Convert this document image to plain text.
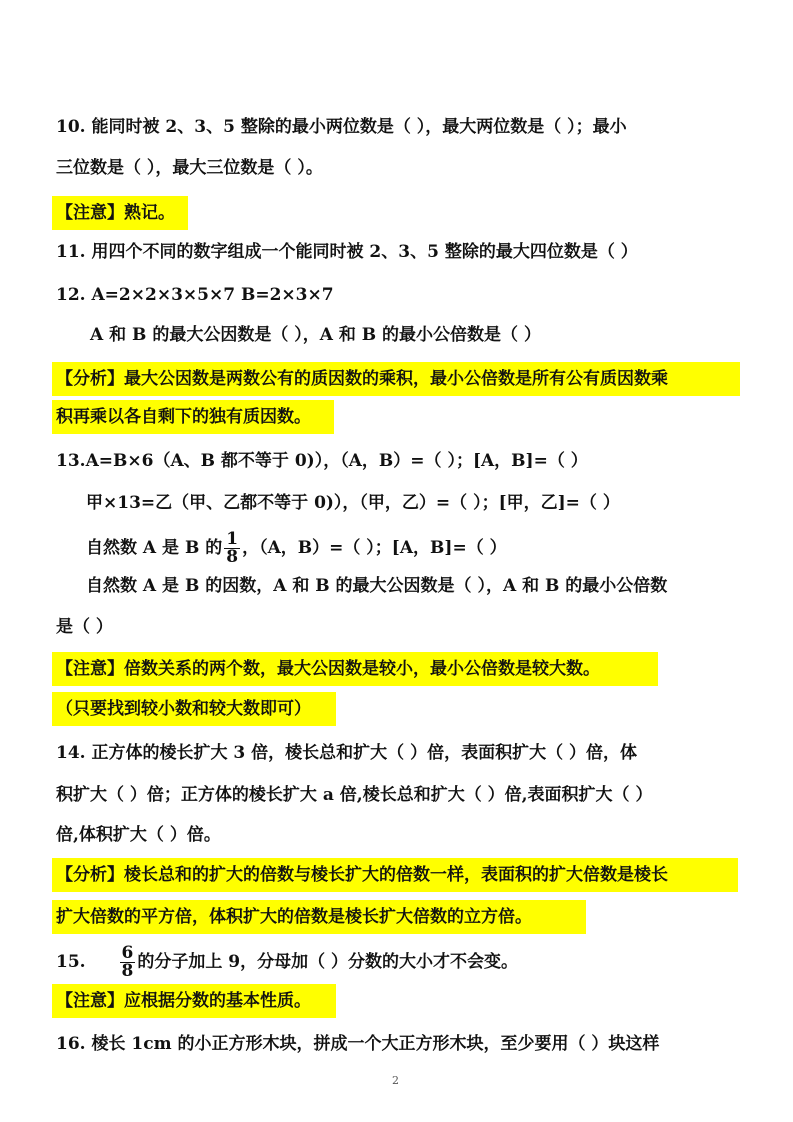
10. 能同时被 2、3、5 整除的最小两位数是（ ），最大两位数是（ ）；最小
三位数是（ ），最大三位数是（ ）。
【注意】熟记。
11. 用四个不同的数字组成一个能同时被 2、3、5 整除的最大四位数是（ ）
12. A=2×2×3×5×7 B=2×3×7
A 和 B 的最大公因数是（ ），A 和 B 的最小公倍数是（ ）
【分析】最大公因数是两数公有的质因数的乘积，最小公倍数是所有公有质因数乘
积再乘以各自剩下的独有质因数。
13.A=B×6（A、B 都不等于 0)），（A，B）=（ ）；[A，B]=（ ）
甲×13=乙（甲、乙都不等于 0)），（甲，乙）=（ ）；[甲，乙]=（ ）
自然数 A 是 B 的 $\frac{1}{8}$ ，（A，B）=（ ）；[A，B]=（ ）
自然数 A 是 B 的因数，A 和 B 的最大公因数是（ ），A 和 B 的最小公倍数
是（ ）
【注意】倍数关系的两个数，最大公因数是较小，最小公倍数是较大数。
（只要找到较小数和较大数即可）
14. 正方体的棱长扩大 3 倍，棱长总和扩大（ ）倍，表面积扩大（ ）倍，体
积扩大（ ）倍；正方体的棱长扩大 a 倍,棱长总和扩大（ ）倍,表面积扩大（ ）
倍,体积扩大（ ）倍。
【分析】棱长总和的扩大的倍数与棱长扩大的倍数一样，表面积的扩大倍数是棱长
扩大倍数的平方倍，体积扩大的倍数是棱长扩大倍数的立方倍。
15. $\frac{6}{8}$ 的分子加上 9，分母加（ ）分数的大小才不会变。
【注意】应根据分数的基本性质。
16. 棱长 1cm 的小正方形木块，拼成一个大正方形木块，至少要用（ ）块这样
2
